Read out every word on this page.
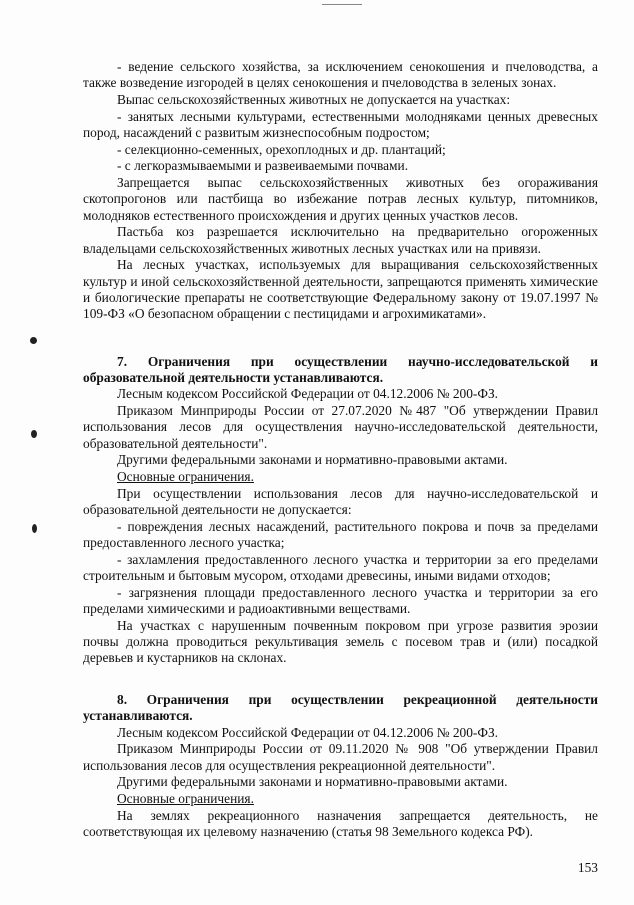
- ведение сельского хозяйства, за исключением сенокошения и пчеловодства, а также возведение изгородей в целях сенокошения и пчеловодства в зеленых зонах.

Выпас сельскохозяйственных животных не допускается на участках:

- занятых лесными культурами, естественными молодняками ценных древесных пород, насаждений с развитым жизнеспособным подростом;

- селекционно-семенных, орехоплодных и др. плантаций;

- с легкоразмываемыми и развеиваемыми почвами.

Запрещается выпас сельскохозяйственных животных без огораживания скотопрогонов или пастбища во избежание потрав лесных культур, питомников, молодняков естественного происхождения и других ценных участков лесов.

Пастьба коз разрешается исключительно на предварительно огороженных владельцами сельскохозяйственных животных лесных участках или на привязи.

На лесных участках, используемых для выращивания сельскохозяйственных культур и иной сельскохозяйственной деятельности, запрещаются применять химические и биологические препараты не соответствующие Федеральному закону от 19.07.1997 № 109-ФЗ «О безопасном обращении с пестицидами и агрохимикатами».

7. Ограничения при осуществлении научно-исследовательской и образовательной деятельности устанавливаются.

Лесным кодексом Российской Федерации от 04.12.2006 № 200-ФЗ.

Приказом Минприроды России от 27.07.2020 №487 "Об утверждении Правил использования лесов для осуществления научно-исследовательской деятельности, образовательной деятельности".

Другими федеральными законами и нормативно-правовыми актами.

Основные ограничения.

При осуществлении использования лесов для научно-исследовательской и образовательной деятельности не допускается:

- повреждения лесных насаждений, растительного покрова и почв за пределами предоставленного лесного участка;

- захламления предоставленного лесного участка и территории за его пределами строительным и бытовым мусором, отходами древесины, иными видами отходов;

- загрязнения площади предоставленного лесного участка и территории за его пределами химическими и радиоактивными веществами.

На участках с нарушенным почвенным покровом при угрозе развития эрозии почвы должна проводиться рекультивация земель с посевом трав и (или) посадкой деревьев и кустарников на склонах.

8. Ограничения при осуществлении рекреационной деятельности устанавливаются.

Лесным кодексом Российской Федерации от 04.12.2006 № 200-ФЗ.

Приказом Минприроды России от 09.11.2020 № 908 "Об утверждении Правил использования лесов для осуществления рекреационной деятельности".

Другими федеральными законами и нормативно-правовыми актами.

Основные ограничения.

На землях рекреационного назначения запрещается деятельность, не соответствующая их целевому назначению (статья 98 Земельного кодекса РФ).

153
